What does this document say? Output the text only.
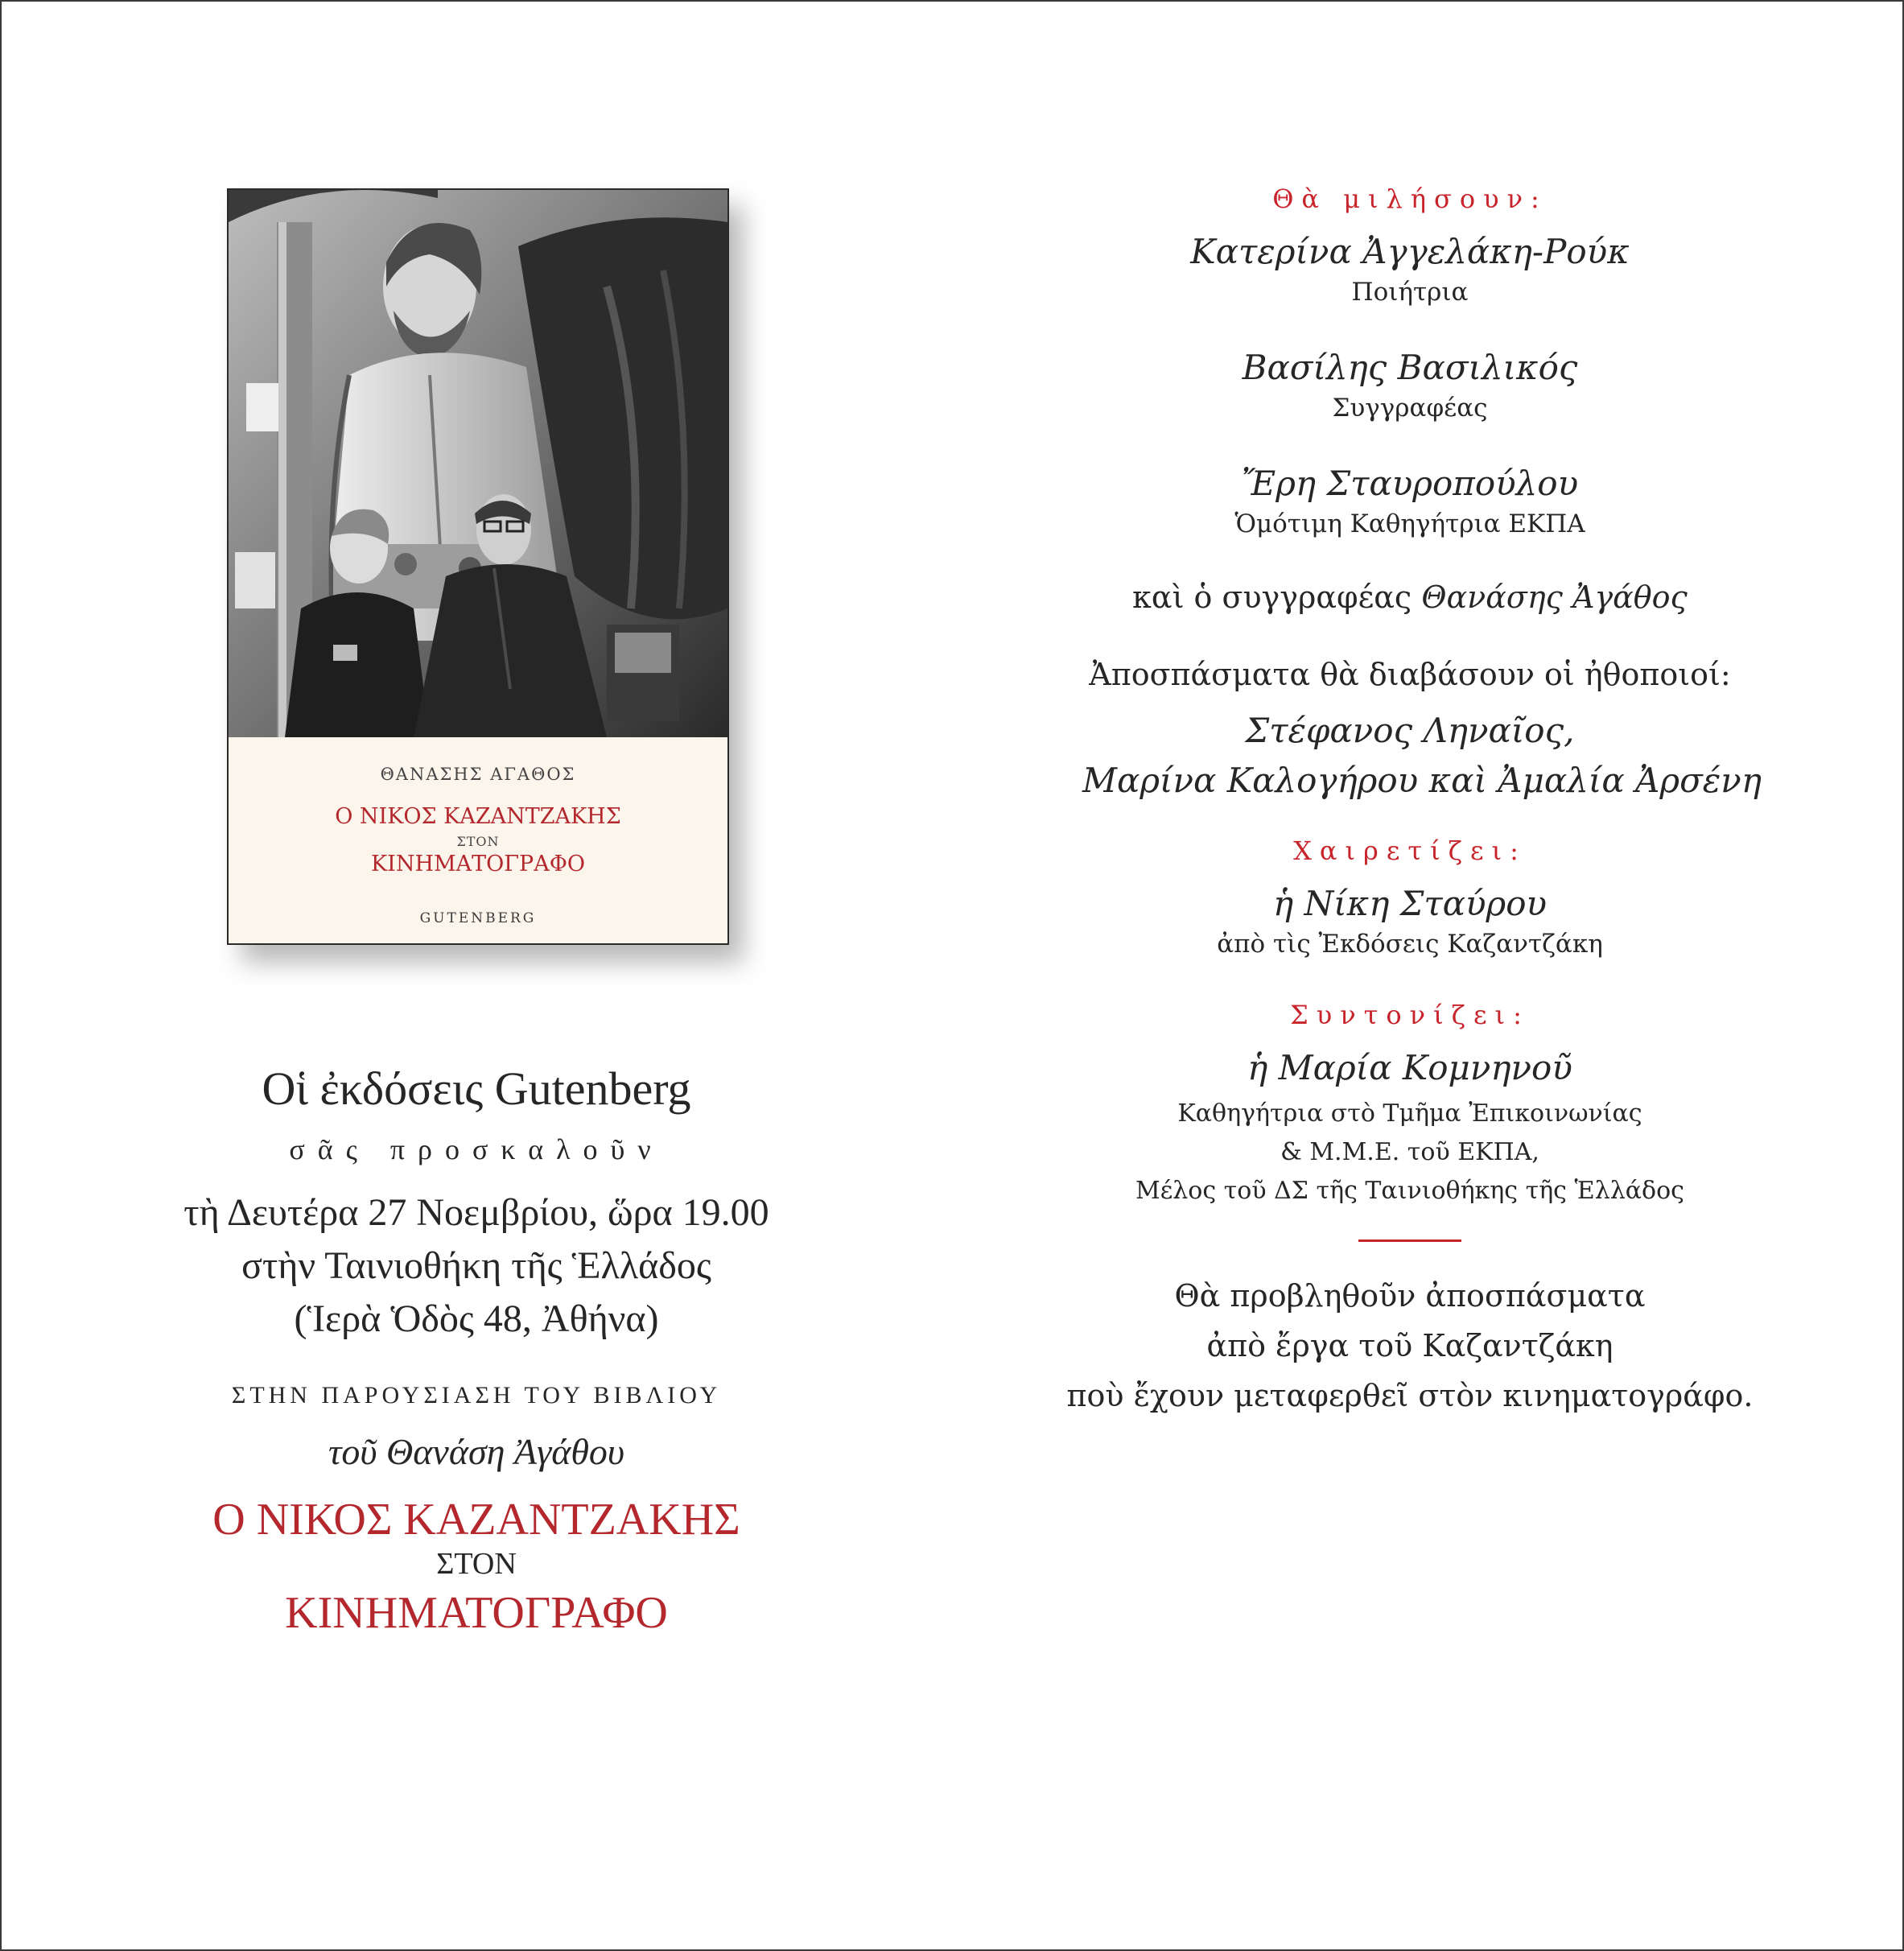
ΘΑΝΑΣΗΣ ΑΓΑΘΟΣ
Ο ΝΙΚΟΣ ΚΑΖΑΝΤΖΑΚΗΣ
ΣΤΟΝ
ΚΙΝΗΜΑΤΟΓΡΑΦΟ
GUTENBERG
Οἱ ἐκδόσεις Gutenberg
σᾶς προσκαλοῦν
τὴ Δευτέρα 27 Νοεμβρίου, ὥρα 19.00
στὴν Ταινιοθήκη τῆς Ἑλλάδος
(Ἱερὰ Ὁδὸς 48, Ἀθήνα)
ΣΤΗΝ ΠΑΡΟΥΣΙΑΣΗ ΤΟΥ ΒΙΒΛΙΟΥ
τοῦ Θανάση Ἀγάθου
Ο ΝΙΚΟΣ ΚΑΖΑΝΤΖΑΚΗΣ
ΣΤΟΝ
ΚΙΝΗΜΑΤΟΓΡΑΦΟ
Θὰ μιλήσουν:
Κατερίνα Ἀγγελάκη-Ρούκ
Ποιήτρια
Βασίλης Βασιλικός
Συγγραφέας
Ἔρη Σταυροπούλου
Ὁμότιμη Καθηγήτρια ΕΚΠΑ
καὶ ὁ συγγραφέας Θανάσης Ἀγάθος
Ἀποσπάσματα θὰ διαβάσουν οἱ ἠθοποιοί:
Στέφανος Ληναῖος,
Μαρίνα Καλογήρου καὶ Ἀμαλία Ἀρσένη
Χαιρετίζει:
ἡ Νίκη Σταύρου
ἀπὸ τὶς Ἐκδόσεις Καζαντζάκη
Συντονίζει:
ἡ Μαρία Κομνηνοῦ
Καθηγήτρια στὸ Τμῆμα Ἐπικοινωνίας
& Μ.Μ.Ε. τοῦ ΕΚΠΑ,
Μέλος τοῦ ΔΣ τῆς Ταινιοθήκης τῆς Ἑλλάδος
Θὰ προβληθοῦν ἀποσπάσματα
ἀπὸ ἔργα τοῦ Καζαντζάκη
ποὺ ἔχουν μεταφερθεῖ στὸν κινηματογράφο.
